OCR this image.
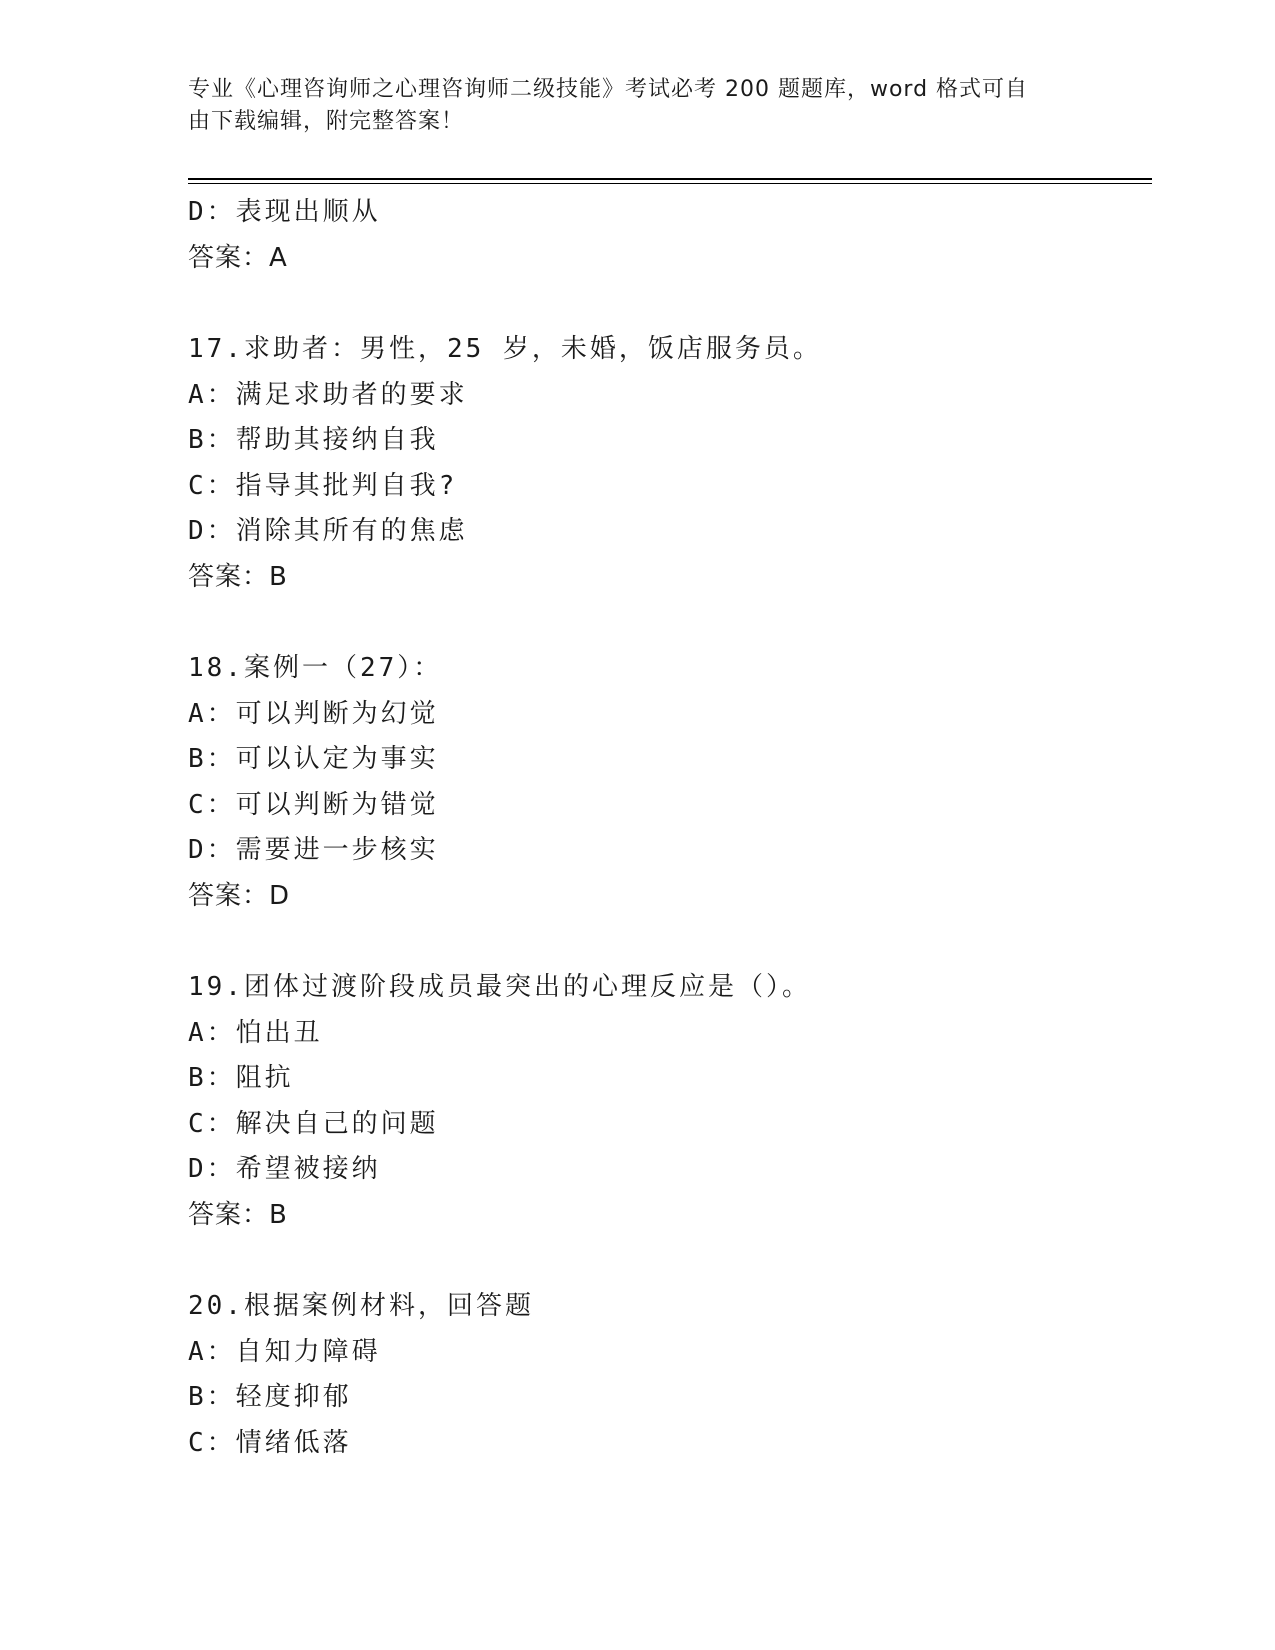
专业《心理咨询师之心理咨询师二级技能》考试必考 200 题题库，word 格式可自
由下载编辑，附完整答案！
D：表现出顺从
答案：A
17.求助者：男性，25 岁，未婚，饭店服务员。
A：满足求助者的要求
B：帮助其接纳自我
C：指导其批判自我?
D：消除其所有的焦虑
答案：B
18.案例一（27）：
A：可以判断为幻觉
B：可以认定为事实
C：可以判断为错觉
D：需要进一步核实
答案：D
19.团体过渡阶段成员最突出的心理反应是（）。
A：怕出丑
B：阻抗
C：解决自己的问题
D：希望被接纳
答案：B
20.根据案例材料，回答题
A：自知力障碍
B：轻度抑郁
C：情绪低落
